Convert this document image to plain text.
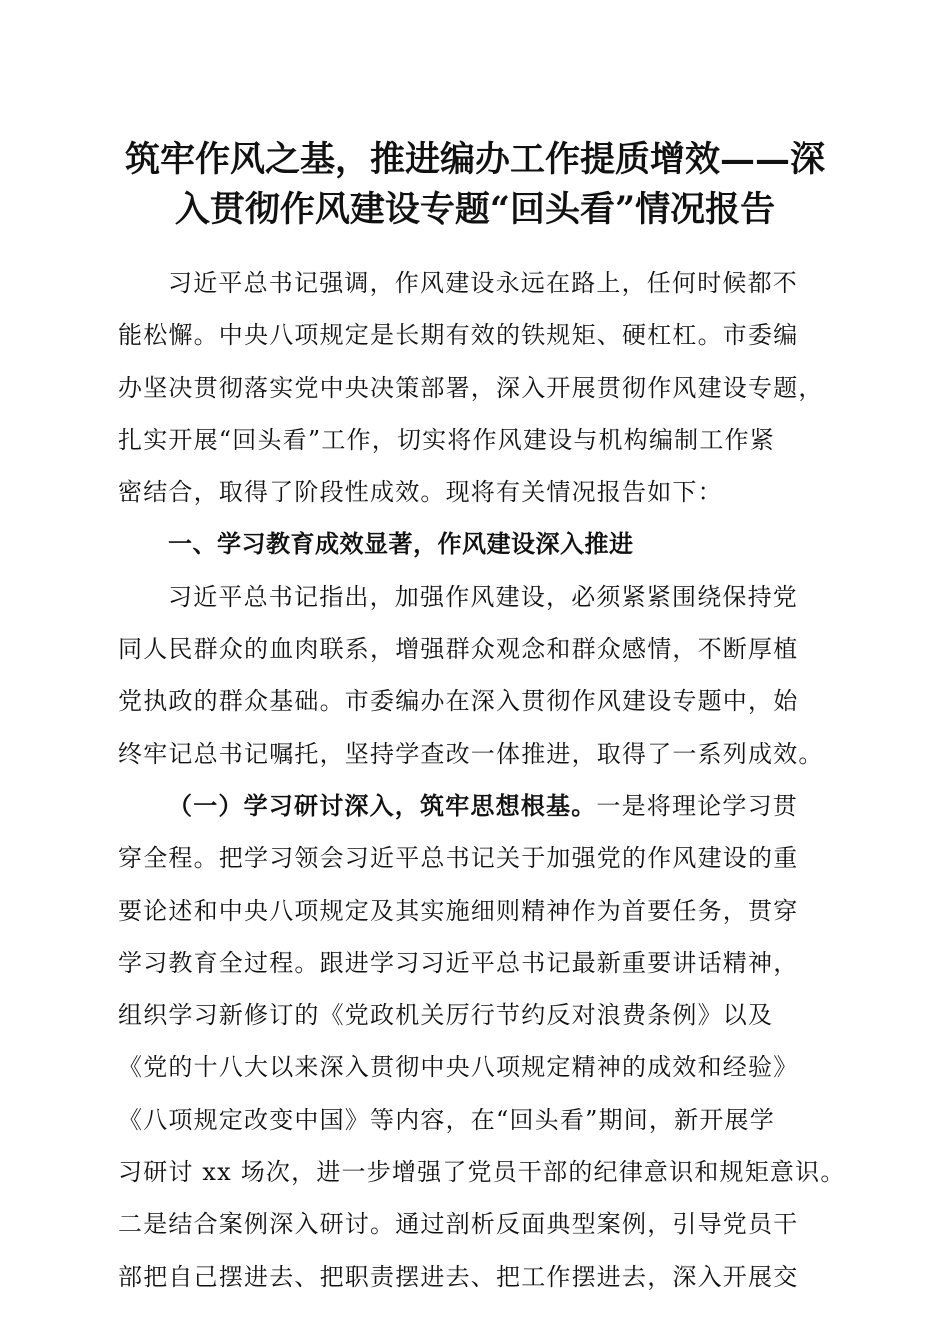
筑牢作风之基，推进编办工作提质增效——深
入贯彻作风建设专题“回头看”情况报告
习近平总书记强调，作风建设永远在路上，任何时候都不
能松懈。中央八项规定是长期有效的铁规矩、硬杠杠。市委编
办坚决贯彻落实党中央决策部署，深入开展贯彻作风建设专题，
扎实开展“回头看”工作，切实将作风建设与机构编制工作紧
密结合，取得了阶段性成效。现将有关情况报告如下：
一、学习教育成效显著，作风建设深入推进
习近平总书记指出，加强作风建设，必须紧紧围绕保持党
同人民群众的血肉联系，增强群众观念和群众感情，不断厚植
党执政的群众基础。市委编办在深入贯彻作风建设专题中，始
终牢记总书记嘱托，坚持学查改一体推进，取得了一系列成效。
（一）学习研讨深入，筑牢思想根基。一是将理论学习贯
穿全程。把学习领会习近平总书记关于加强党的作风建设的重
要论述和中央八项规定及其实施细则精神作为首要任务，贯穿
学习教育全过程。跟进学习习近平总书记最新重要讲话精神，
组织学习新修订的《党政机关厉行节约反对浪费条例》以及
《党的十八大以来深入贯彻中央八项规定精神的成效和经验》
《八项规定改变中国》等内容，在“回头看”期间，新开展学
习研讨 xx 场次，进一步增强了党员干部的纪律意识和规矩意识。
二是结合案例深入研讨。通过剖析反面典型案例，引导党员干
部把自己摆进去、把职责摆进去、把工作摆进去，深入开展交
